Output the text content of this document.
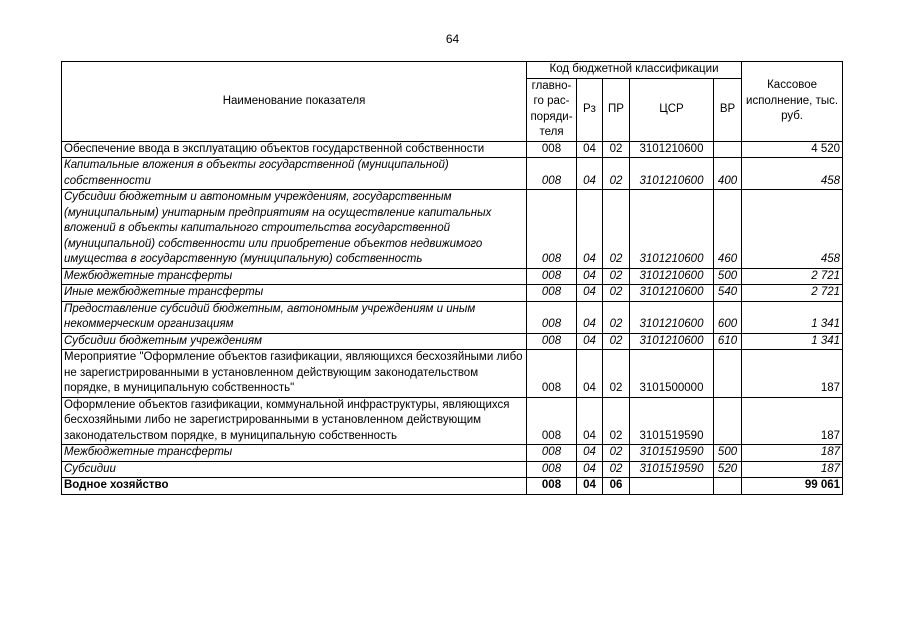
64
Наименование показателя	Код бюджетной классификации					Кассовое исполнение, тыс. руб.
	главно-го рас-поряди-теля	Рз	ПР	ЦСР	ВР	
Обеспечение ввода в эксплуатацию объектов государственной собственности	008	04	02	3101210600		4 520
Капитальные вложения в объекты государственной (муниципальной) собственности	008	04	02	3101210600	400	458
Субсидии бюджетным и автономным учреждениям, государственным (муниципальным) унитарным предприятиям на осуществление капитальных вложений в объекты капитального строительства государственной (муниципальной) собственности или приобретение объектов недвижимого имущества в государственную (муниципальную) собственность	008	04	02	3101210600	460	458
Межбюджетные трансферты	008	04	02	3101210600	500	2 721
Иные межбюджетные трансферты	008	04	02	3101210600	540	2 721
Предоставление субсидий бюджетным, автономным учреждениям и иным некоммерческим организациям	008	04	02	3101210600	600	1 341
Субсидии бюджетным учреждениям	008	04	02	3101210600	610	1 341
Мероприятие "Оформление объектов газификации, являющихся бесхозяйными либо не зарегистрированными в установленном действующим законодательством порядке, в муниципальную собственность"	008	04	02	3101500000		187
Оформление объектов газификации, коммунальной инфраструктуры, являющихся бесхозяйными либо не зарегистрированными в установленном действующим законодательством порядке, в муниципальную собственность	008	04	02	3101519590		187
Межбюджетные трансферты	008	04	02	3101519590	500	187
Субсидии	008	04	02	3101519590	520	187
Водное хозяйство	008	04	06			99 061
